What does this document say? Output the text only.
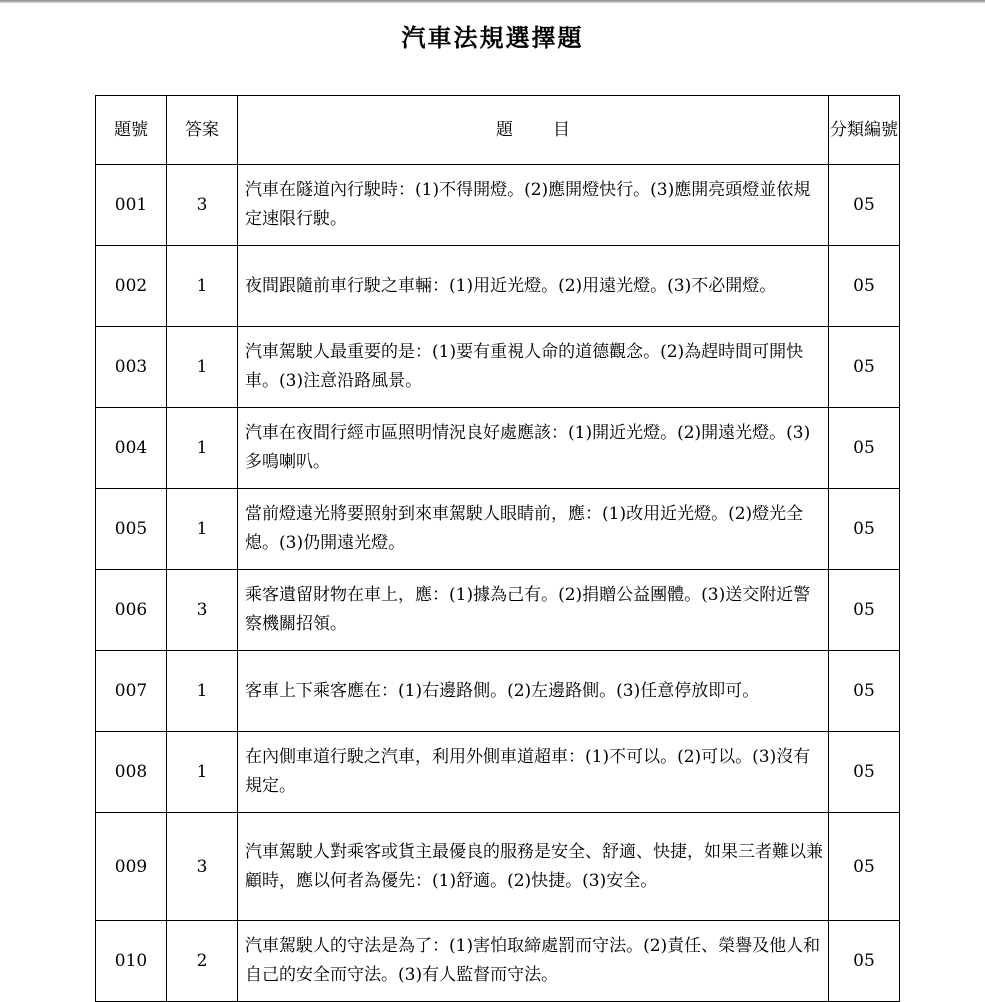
汽車法規選擇題
題號	答案	題 目	分類編號
001	3	汽車在隧道內行駛時：(1)不得開燈。(2)應開燈快行。(3)應開亮頭燈並依規定速限行駛。	05
002	1	夜間跟隨前車行駛之車輛：(1)用近光燈。(2)用遠光燈。(3)不必開燈。	05
003	1	汽車駕駛人最重要的是：(1)要有重視人命的道德觀念。(2)為趕時間可開快車。(3)注意沿路風景。	05
004	1	汽車在夜間行經市區照明情況良好處應該：(1)開近光燈。(2)開遠光燈。(3)多鳴喇叭。	05
005	1	當前燈遠光將要照射到來車駕駛人眼睛前，應：(1)改用近光燈。(2)燈光全熄。(3)仍開遠光燈。	05
006	3	乘客遺留財物在車上，應：(1)據為己有。(2)捐贈公益團體。(3)送交附近警察機關招領。	05
007	1	客車上下乘客應在：(1)右邊路側。(2)左邊路側。(3)任意停放即可。	05
008	1	在內側車道行駛之汽車，利用外側車道超車：(1)不可以。(2)可以。(3)沒有規定。	05
009	3	汽車駕駛人對乘客或貨主最優良的服務是安全、舒適、快捷，如果三者難以兼顧時，應以何者為優先：(1)舒適。(2)快捷。(3)安全。	05
010	2	汽車駕駛人的守法是為了：(1)害怕取締處罰而守法。(2)責任、榮譽及他人和自己的安全而守法。(3)有人監督而守法。	05
